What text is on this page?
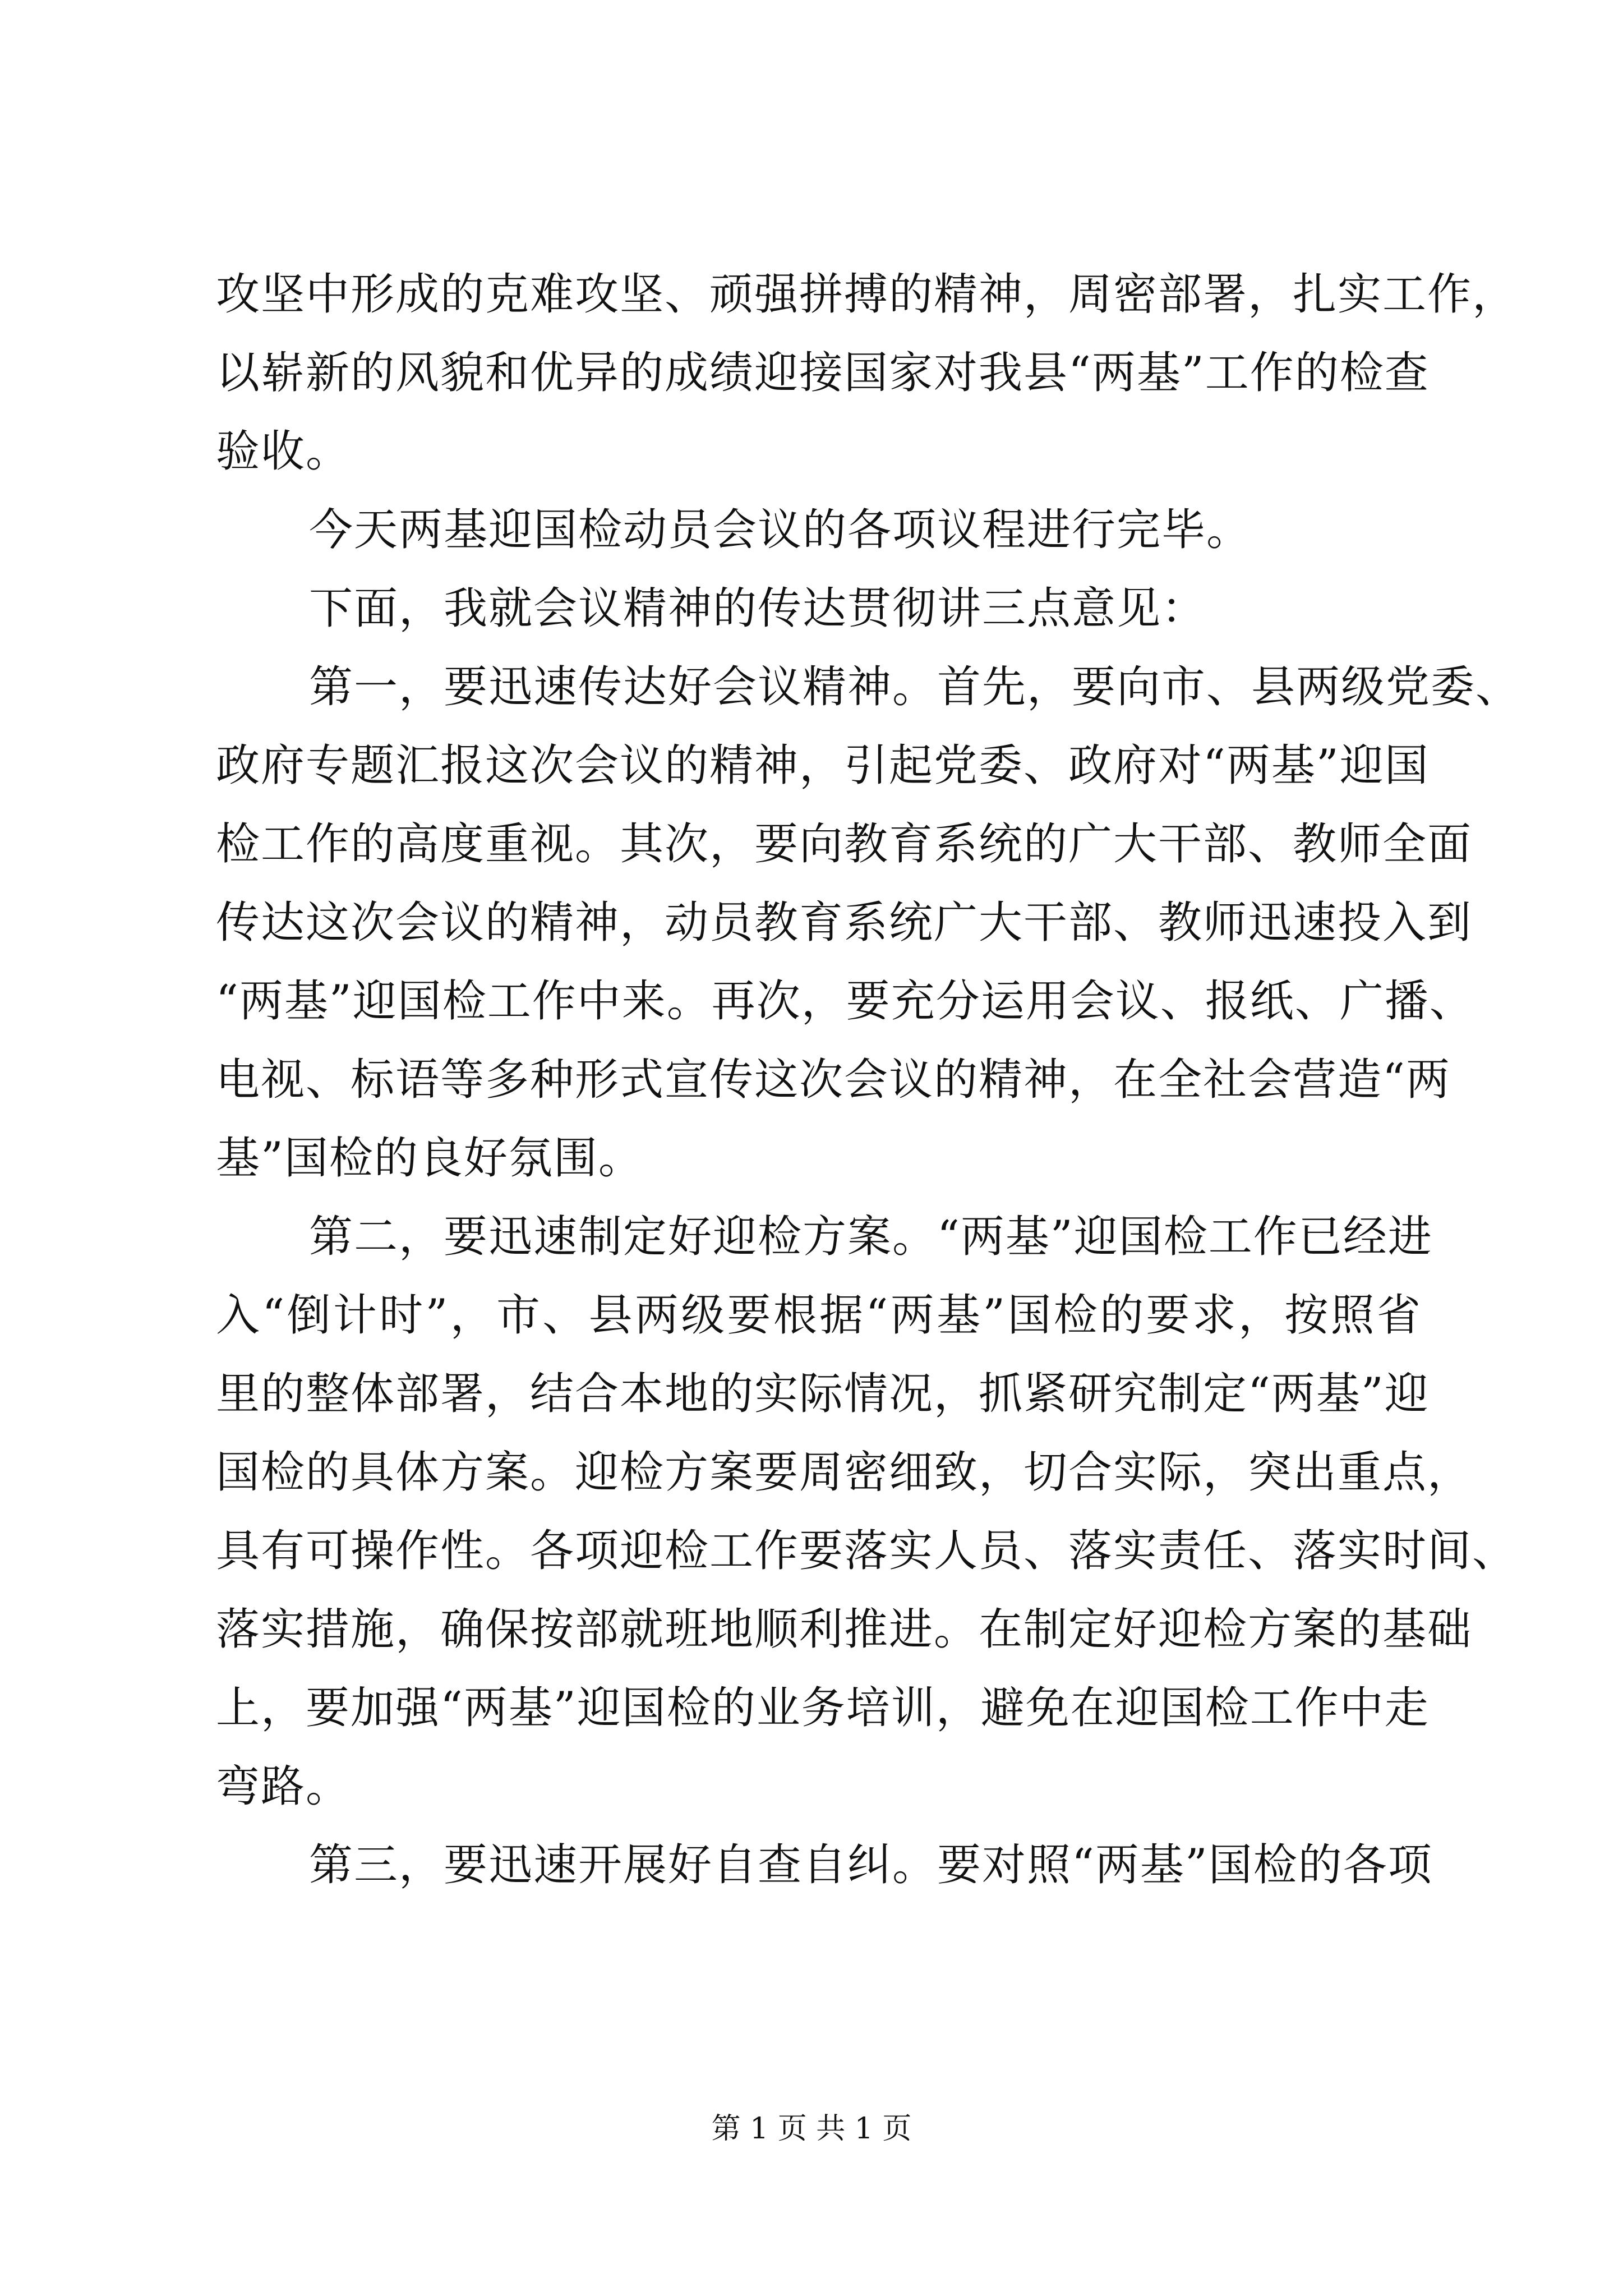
攻坚中形成的克难攻坚、顽强拼搏的精神，周密部署，扎实工作，
以崭新的风貌和优异的成绩迎接国家对我县“两基”工作的检查
验收。
今天两基迎国检动员会议的各项议程进行完毕。
下面，我就会议精神的传达贯彻讲三点意见：
第一，要迅速传达好会议精神。首先，要向市、县两级党委、
政府专题汇报这次会议的精神，引起党委、政府对“两基”迎国
检工作的高度重视。其次，要向教育系统的广大干部、教师全面
传达这次会议的精神，动员教育系统广大干部、教师迅速投入到
“两基”迎国检工作中来。再次，要充分运用会议、报纸、广播、
电视、标语等多种形式宣传这次会议的精神，在全社会营造“两
基”国检的良好氛围。
第二，要迅速制定好迎检方案。“两基”迎国检工作已经进
入“倒计时”，市、县两级要根据“两基”国检的要求，按照省
里的整体部署，结合本地的实际情况，抓紧研究制定“两基”迎
国检的具体方案。迎检方案要周密细致，切合实际，突出重点，
具有可操作性。各项迎检工作要落实人员、落实责任、落实时间、
落实措施，确保按部就班地顺利推进。在制定好迎检方案的基础
上，要加强“两基”迎国检的业务培训，避免在迎国检工作中走
弯路。
第三，要迅速开展好自查自纠。要对照“两基”国检的各项
第 1 页 共 1 页
